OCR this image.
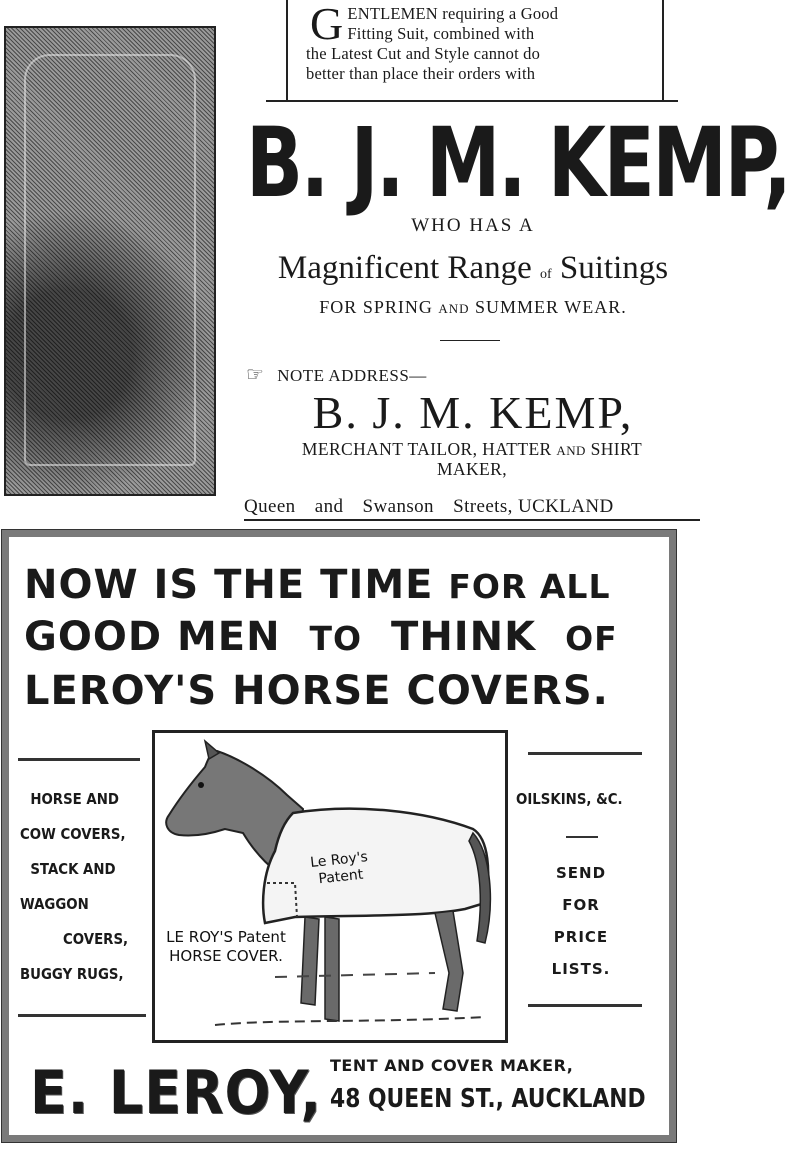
G ENTLEMEN requiring a Good
Fitting Suit, combined with
the Latest Cut and Style cannot do
better than place their orders with
B. J. M. KEMP,
WHO HAS A
Magnificent Range of Suitings
FOR SPRING AND SUMMER WEAR.
☞ NOTE ADDRESS—
B. J. M. KEMP,
MERCHANT TAILOR, HATTER AND SHIRT
MAKER,
Queen and Swanson Streets, UCKLAND
NOW IS THE TIME FOR ALL
GOOD MEN TO THINK OF
LEROY'S HORSE COVERS.
HORSE AND
COW COVERS,
STACK AND
WAGGON
COVERS,
BUGGY RUGS,
OILSKINS, &C.
SEND
FOR
PRICE
LISTS.
Le Roy's Patent
LE ROY'S Patent HORSE COVER.
E. LEROY, TENT AND COVER MAKER,
48 QUEEN ST., AUCKLAND
